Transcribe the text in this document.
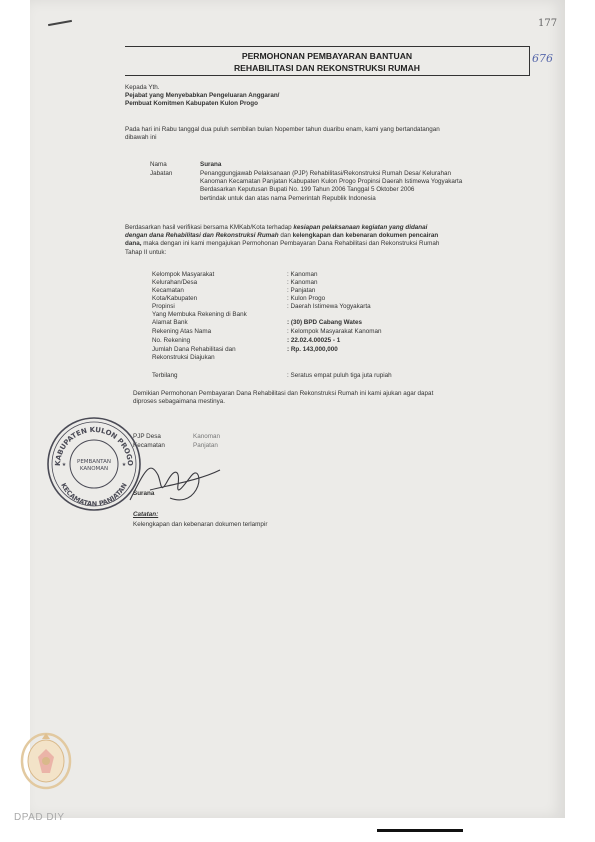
177
676
PERMOHONAN PEMBAYARAN BANTUAN
REHABILITASI DAN REKONSTRUKSI RUMAH
Kepada Yth.
Pejabat yang Menyebabkan Pengeluaran Anggaran/
Pembuat Komitmen Kabupaten Kulon Progo
Pada hari ini Rabu tanggal dua puluh sembilan bulan Nopember tahun duaribu enam, kami yang bertandatangan
dibawah ini
Nama	Surana
Jabatan	Penanggungjawab Pelaksanaan (PJP) Rehabilitasi/Rekonstruksi Rumah Desa/ Kelurahan
Kanoman Kecamatan Panjatan Kabupaten Kulon Progo Propinsi Daerah Istimewa Yogyakarta
Berdasarkan Keputusan Bupati No. 199 Tahun 2006 Tanggal 5 Oktober 2006
bertindak untuk dan atas nama Pemerintah Republik Indonesia
Berdasarkan hasil verifikasi bersama KMKab/Kota terhadap kesiapan pelaksanaan kegiatan yang didanai
dengan dana Rehabilitasi dan Rekonstruksi Rumah dan kelengkapan dan kebenaran dokumen pencairan
dana, maka dengan ini kami mengajukan Permohonan Pembayaran Dana Rehabilitasi dan Rekonstruksi Rumah
Tahap II untuk:
Kelompok Masyarakat	: Kanoman
Kelurahan/Desa	: Kanoman
Kecamatan	: Panjatan
Kota/Kabupaten	: Kulon Progo
Propinsi	: Daerah Istimewa Yogyakarta
Yang Membuka Rekening di Bank
Alamat Bank	: (30) BPD Cabang Wates
Rekening Atas Nama	: Kelompok Masyarakat Kanoman
No. Rekening	: 22.02.4.00025 - 1
Jumlah Dana Rehabilitasi dan	: Rp. 143,000,000
Rekonstruksi Diajukan
Terbilang	: Seratus empat puluh tiga juta rupiah
Demikian Permohonan Pembayaran Dana Rehabilitasi dan Rekonstruksi Rumah ini kami ajukan agar dapat
diproses sebagaimana mestinya.
PJP Desa	Kanoman
Kecamatan	Panjatan
KABUPATEN KULON PROGO
KECAMATAN PANJATAN
PEMBANTAN
KANOMAN
★	★
Surana
Catatan:
Kelengkapan dan kebenaran dokumen terlampir
DPAD DIY
